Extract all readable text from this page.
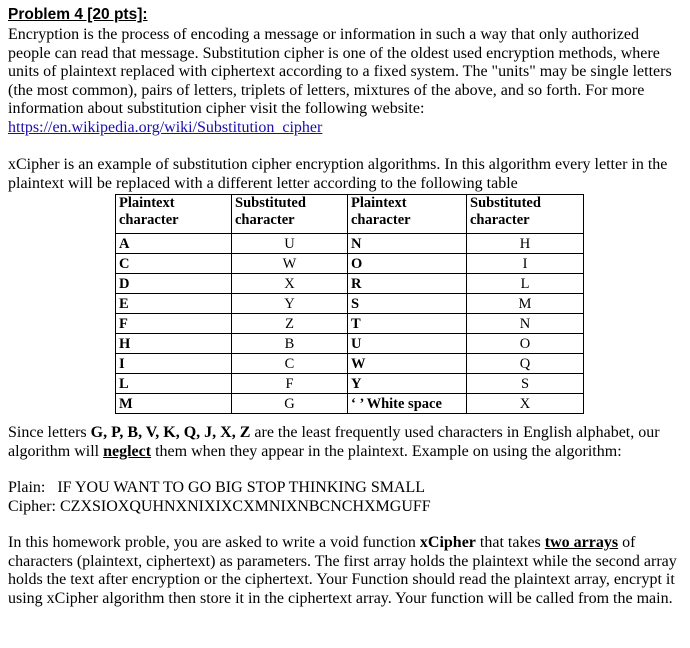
Problem 4 [20 pts]:

Encryption is the process of encoding a message or information in such a way that only authorized people can read that message. Substitution cipher is one of the oldest used encryption methods, where units of plaintext replaced with ciphertext according to a fixed system. The "units" may be single letters (the most common), pairs of letters, triplets of letters, mixtures of the above, and so forth. For more information about substitution cipher visit the following website:

https://en.wikipedia.org/wiki/Substitution_cipher

xCipher is an example of substitution cipher encryption algorithms. In this algorithm every letter in the plaintext will be replaced with a different letter according to the following table

Plaintext character	Substituted character	Plaintext character	Substituted character
A	U	N	H
C	W	O	I
D	X	R	L
E	Y	S	M
F	Z	T	N
H	B	U	O
I	C	W	Q
L	F	Y	S
M	G	‘ ’ White space	X

Since letters G, P, B, V, K, Q, J, X, Z are the least frequently used characters in English alphabet, our algorithm will neglect them when they appear in the plaintext. Example on using the algorithm:

Plain: IF YOU WANT TO GO BIG STOP THINKING SMALL

Cipher: CZXSIOXQUHNXNIXIXCXMNIXNBCNCHXMGUFF

In this homework proble, you are asked to write a void function xCipher that takes two arrays of characters (plaintext, ciphertext) as parameters. The first array holds the plaintext while the second array holds the text after encryption or the ciphertext. Your Function should read the plaintext array, encrypt it using xCipher algorithm then store it in the ciphertext array. Your function will be called from the main.
